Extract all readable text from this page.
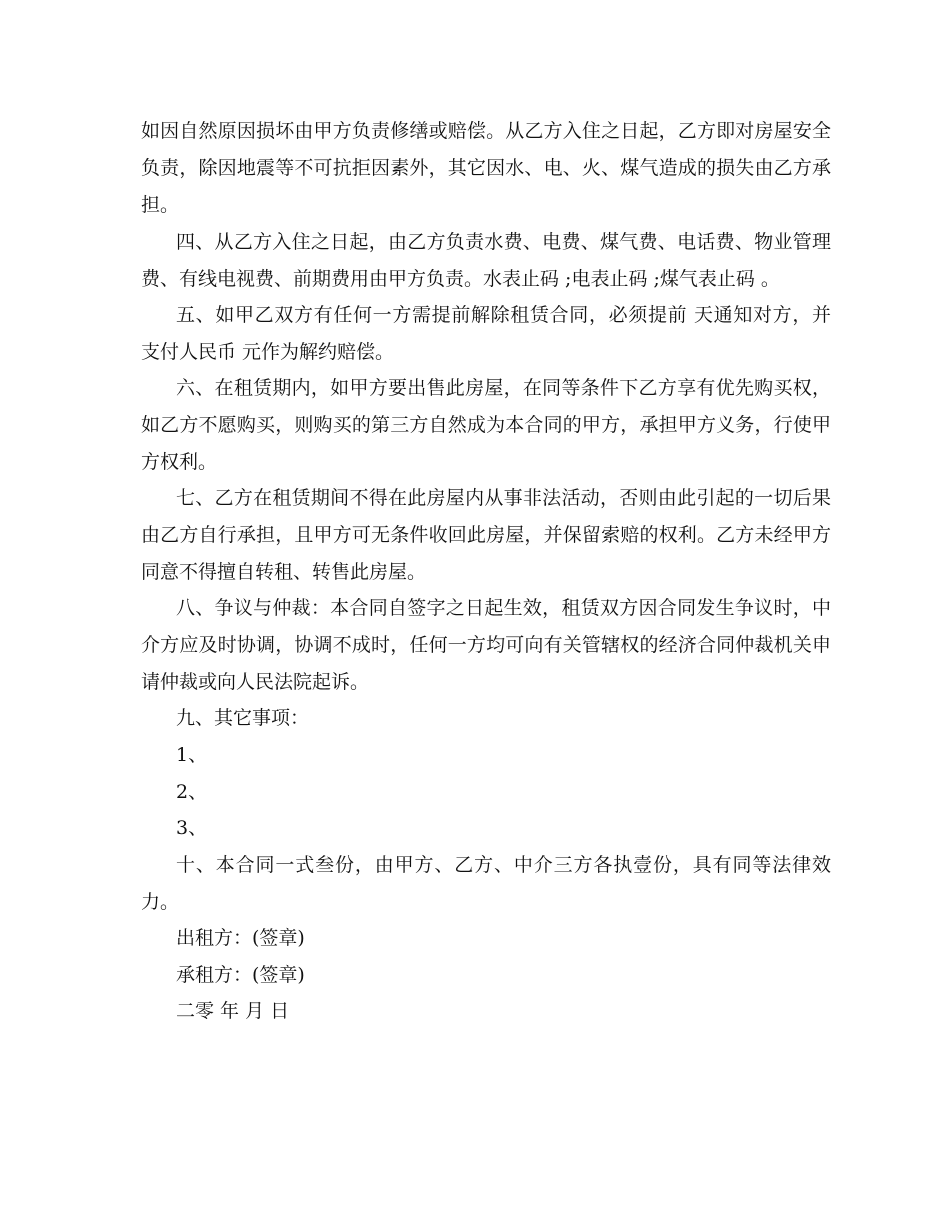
如因自然原因损坏由甲方负责修缮或赔偿。从乙方入住之日起，乙方即对房屋安全
负责，除因地震等不可抗拒因素外，其它因水、电、火、煤气造成的损失由乙方承
担。
四、从乙方入住之日起，由乙方负责水费、电费、煤气费、电话费、物业管理
费、有线电视费、前期费用由甲方负责。水表止码 ;电表止码 ;煤气表止码 。
五、如甲乙双方有任何一方需提前解除租赁合同，必须提前 天通知对方，并
支付人民币 元作为解约赔偿。
六、在租赁期内，如甲方要出售此房屋，在同等条件下乙方享有优先购买权，
如乙方不愿购买，则购买的第三方自然成为本合同的甲方，承担甲方义务，行使甲
方权利。
七、乙方在租赁期间不得在此房屋内从事非法活动，否则由此引起的一切后果
由乙方自行承担，且甲方可无条件收回此房屋，并保留索赔的权利。乙方未经甲方
同意不得擅自转租、转售此房屋。
八、争议与仲裁：本合同自签字之日起生效，租赁双方因合同发生争议时，中
介方应及时协调，协调不成时，任何一方均可向有关管辖权的经济合同仲裁机关申
请仲裁或向人民法院起诉。
九、其它事项：
1、
2、
3、
十、本合同一式叁份，由甲方、乙方、中介三方各执壹份，具有同等法律效
力。
出租方：(签章)
承租方：(签章)
二零 年 月 日
